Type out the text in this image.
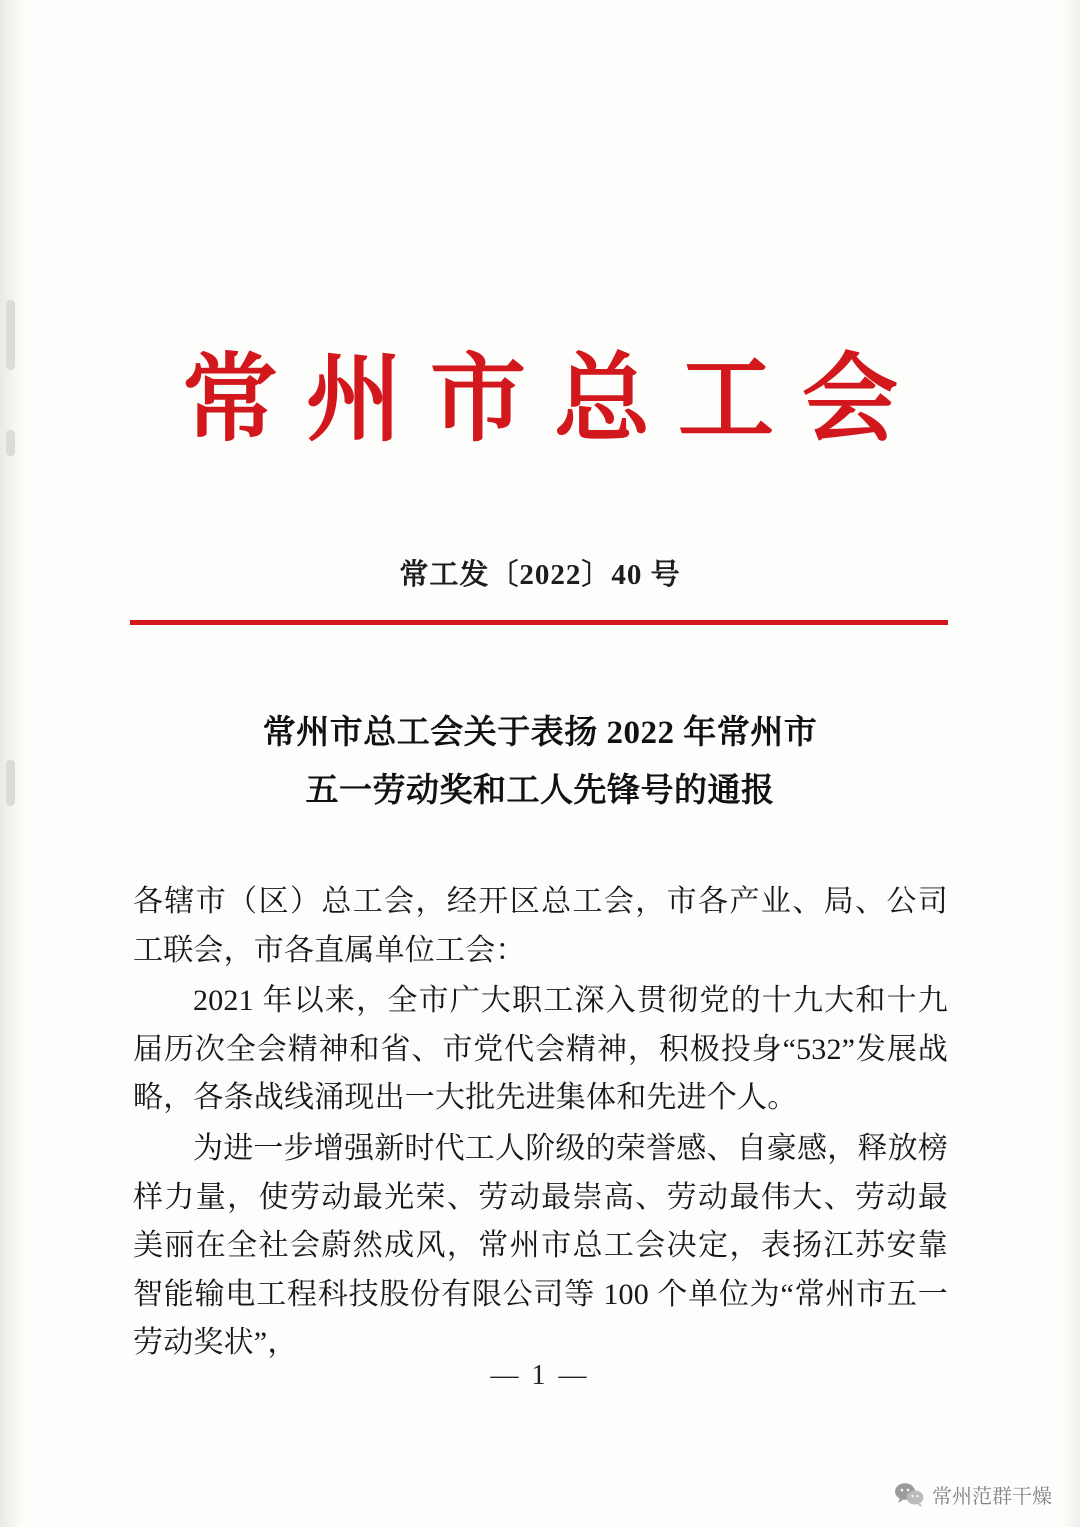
常州市总工会
常工发〔2022〕40 号
常州市总工会关于表扬 2022 年常州市
五一劳动奖和工人先锋号的通报

各辖市（区）总工会，经开区总工会，市各产业、局、公司工联会，市各直属单位工会：

2021 年以来，全市广大职工深入贯彻党的十九大和十九届历次全会精神和省、市党代会精神，积极投身“532”发展战略，各条战线涌现出一大批先进集体和先进个人。

为进一步增强新时代工人阶级的荣誉感、自豪感，释放榜样力量，使劳动最光荣、劳动最崇高、劳动最伟大、劳动最美丽在全社会蔚然成风，常州市总工会决定，表扬江苏安靠智能输电工程科技股份有限公司等 100 个单位为“常州市五一劳动奖状”，

— 1 —
常州范群干燥
